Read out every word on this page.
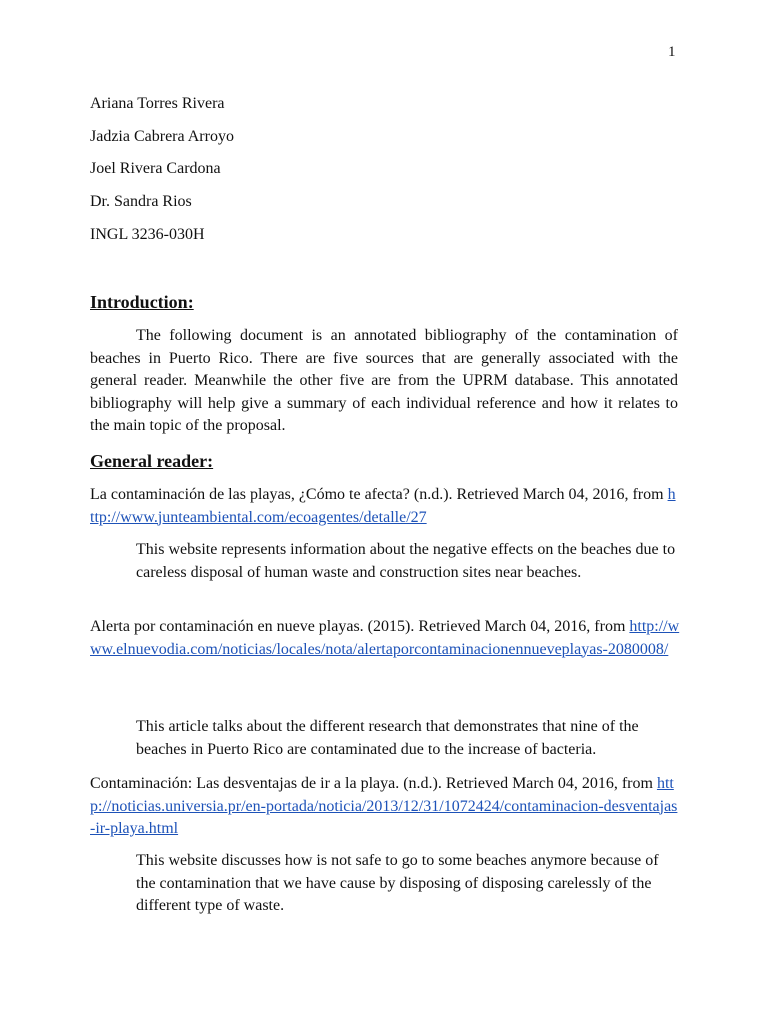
1
Ariana Torres Rivera
Jadzia Cabrera Arroyo
Joel Rivera Cardona
Dr. Sandra Rios
INGL 3236-030H
Introduction:
The following document is an annotated bibliography of the contamination of beaches in Puerto Rico. There are five sources that are generally associated with the general reader. Meanwhile the other five are from the UPRM database. This annotated bibliography will help give a summary of each individual reference and how it relates to the main topic of the proposal.
General reader:
La contaminación de las playas, ¿Cómo te afecta? (n.d.). Retrieved March 04, 2016, from http://www.junteambiental.com/ecoagentes/detalle/27
This website represents information about the negative effects on the beaches due to careless disposal of human waste and construction sites near beaches.
Alerta por contaminación en nueve playas. (2015). Retrieved March 04, 2016, from http://www.elnuevodia.com/noticias/locales/nota/alertaporcontaminacionennueveplayas-2080008/
This article talks about the different research that demonstrates that nine of the beaches in Puerto Rico are contaminated due to the increase of bacteria.
Contaminación: Las desventajas de ir a la playa. (n.d.). Retrieved March 04, 2016, from http://noticias.universia.pr/en-portada/noticia/2013/12/31/1072424/contaminacion-desventajas-ir-playa.html
This website discusses how is not safe to go to some beaches anymore because of the contamination that we have cause by disposing of disposing carelessly of the different type of waste.
